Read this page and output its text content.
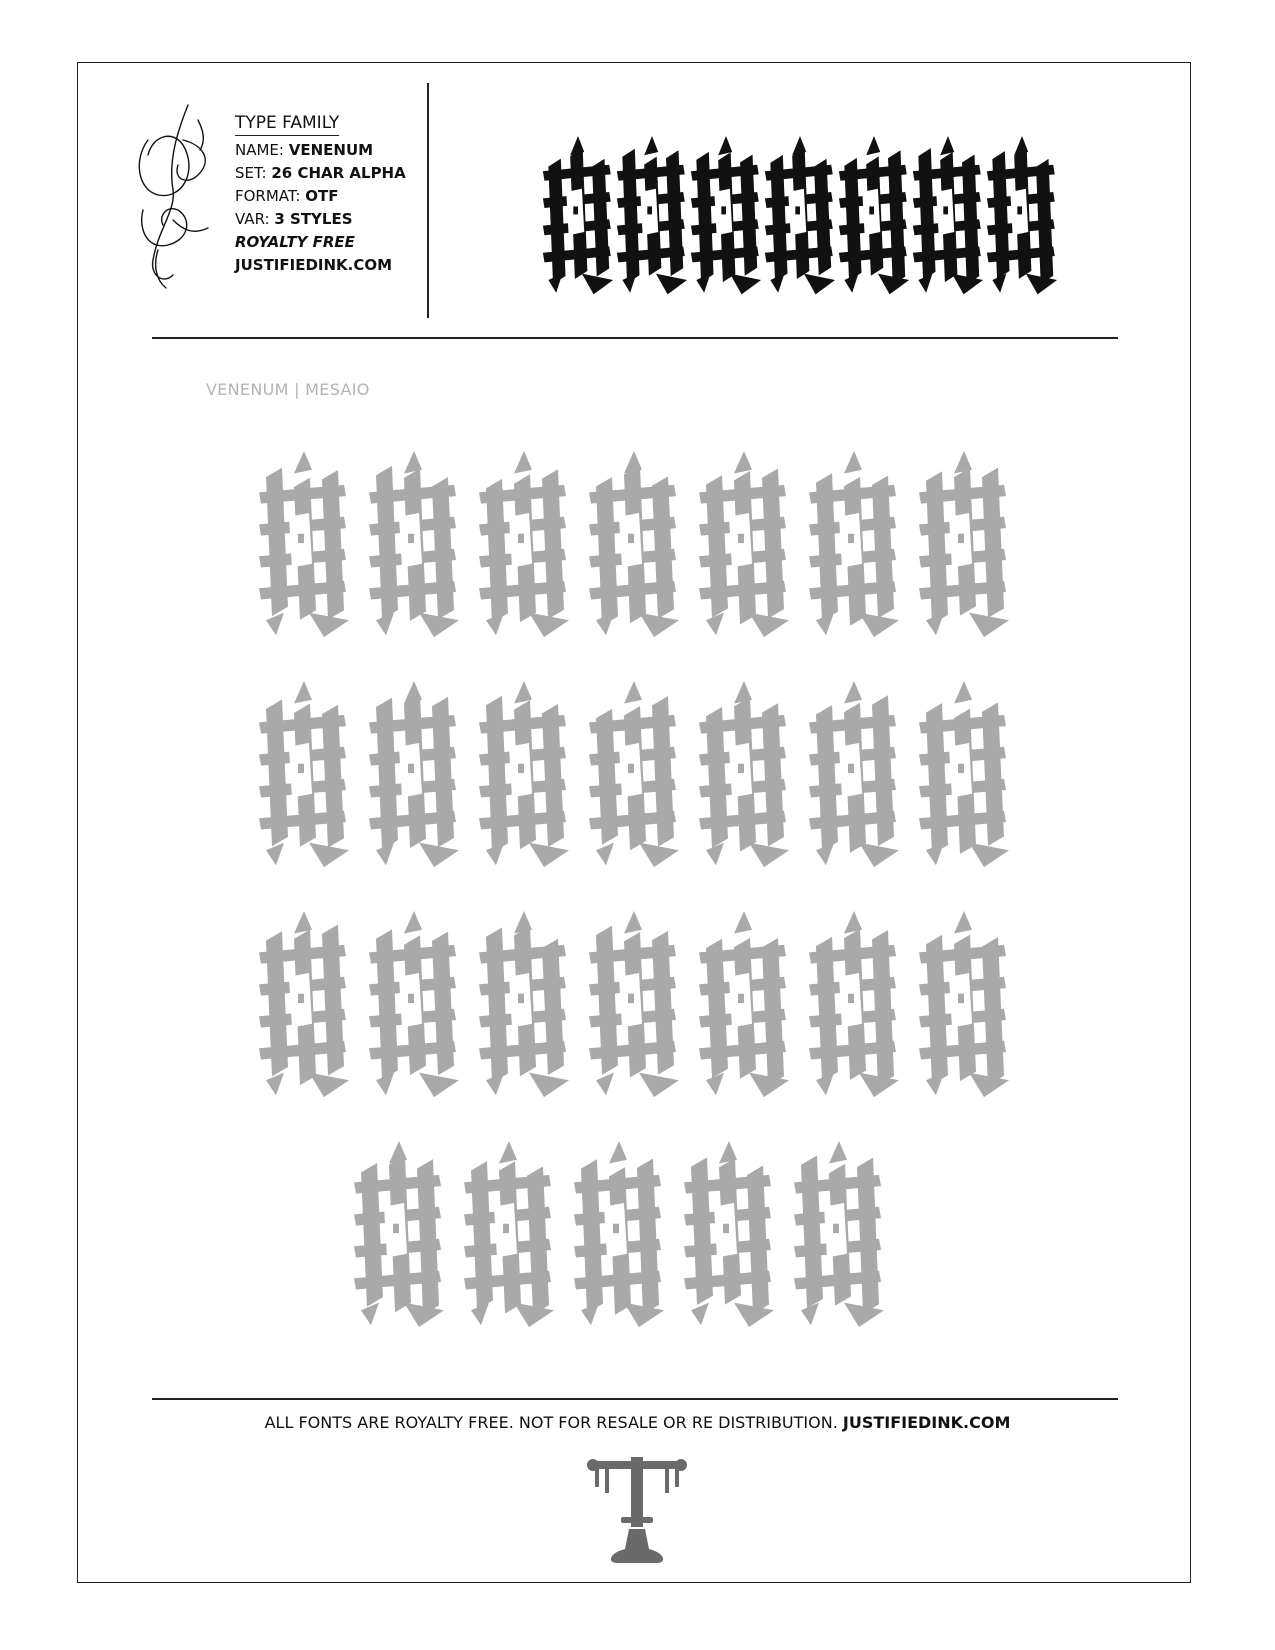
TYPE FAMILY
NAME: VENENUM
SET: 26 CHAR ALPHA
FORMAT: OTF
VAR: 3 STYLES
ROYALTY FREE
JUSTIFIEDINK.COM
VENENUM | MESAIO
ALL FONTS ARE ROYALTY FREE. NOT FOR RESALE OR RE DISTRIBUTION. JUSTIFIEDINK.COM
